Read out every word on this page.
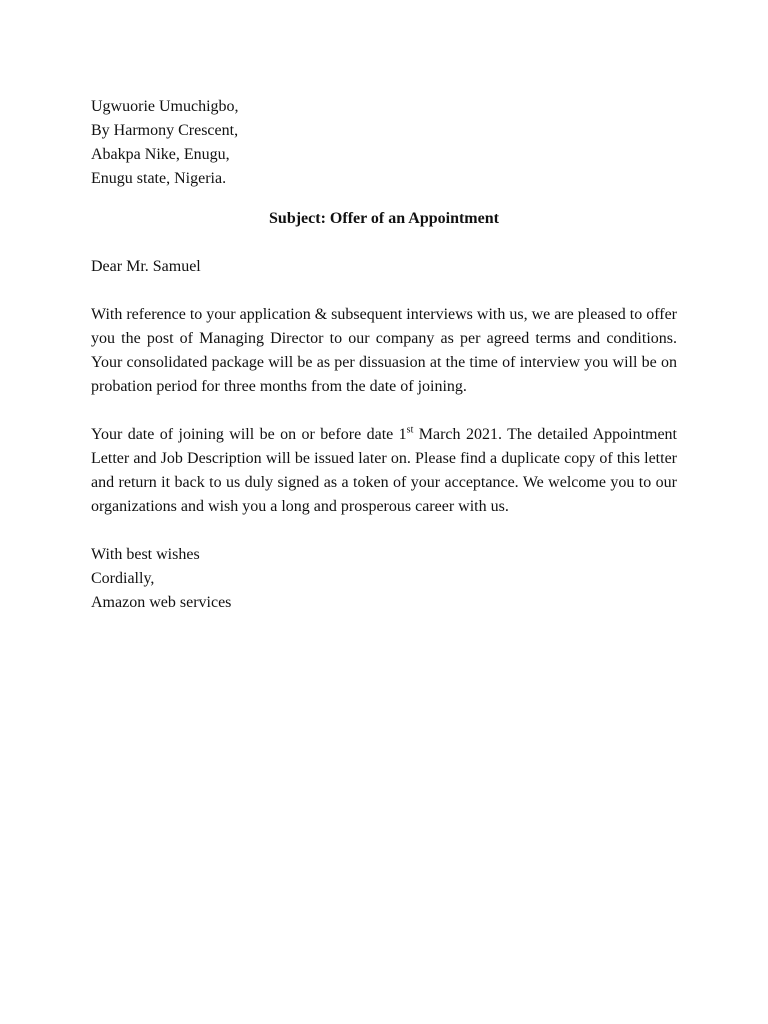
Ugwuorie Umuchigbo,
By Harmony Crescent,
Abakpa Nike, Enugu,
Enugu state, Nigeria.
Subject: Offer of an Appointment
Dear Mr. Samuel

With reference to your application & subsequent interviews with us, we are pleased to offer you the post of Managing Director to our company as per agreed terms and conditions. Your consolidated package will be as per dissuasion at the time of interview you will be on probation period for three months from the date of joining.

Your date of joining will be on or before date 1st March 2021. The detailed Appointment Letter and Job Description will be issued later on. Please find a duplicate copy of this letter and return it back to us duly signed as a token of your acceptance. We welcome you to our organizations and wish you a long and prosperous career with us.

With best wishes
Cordially,
Amazon web services
